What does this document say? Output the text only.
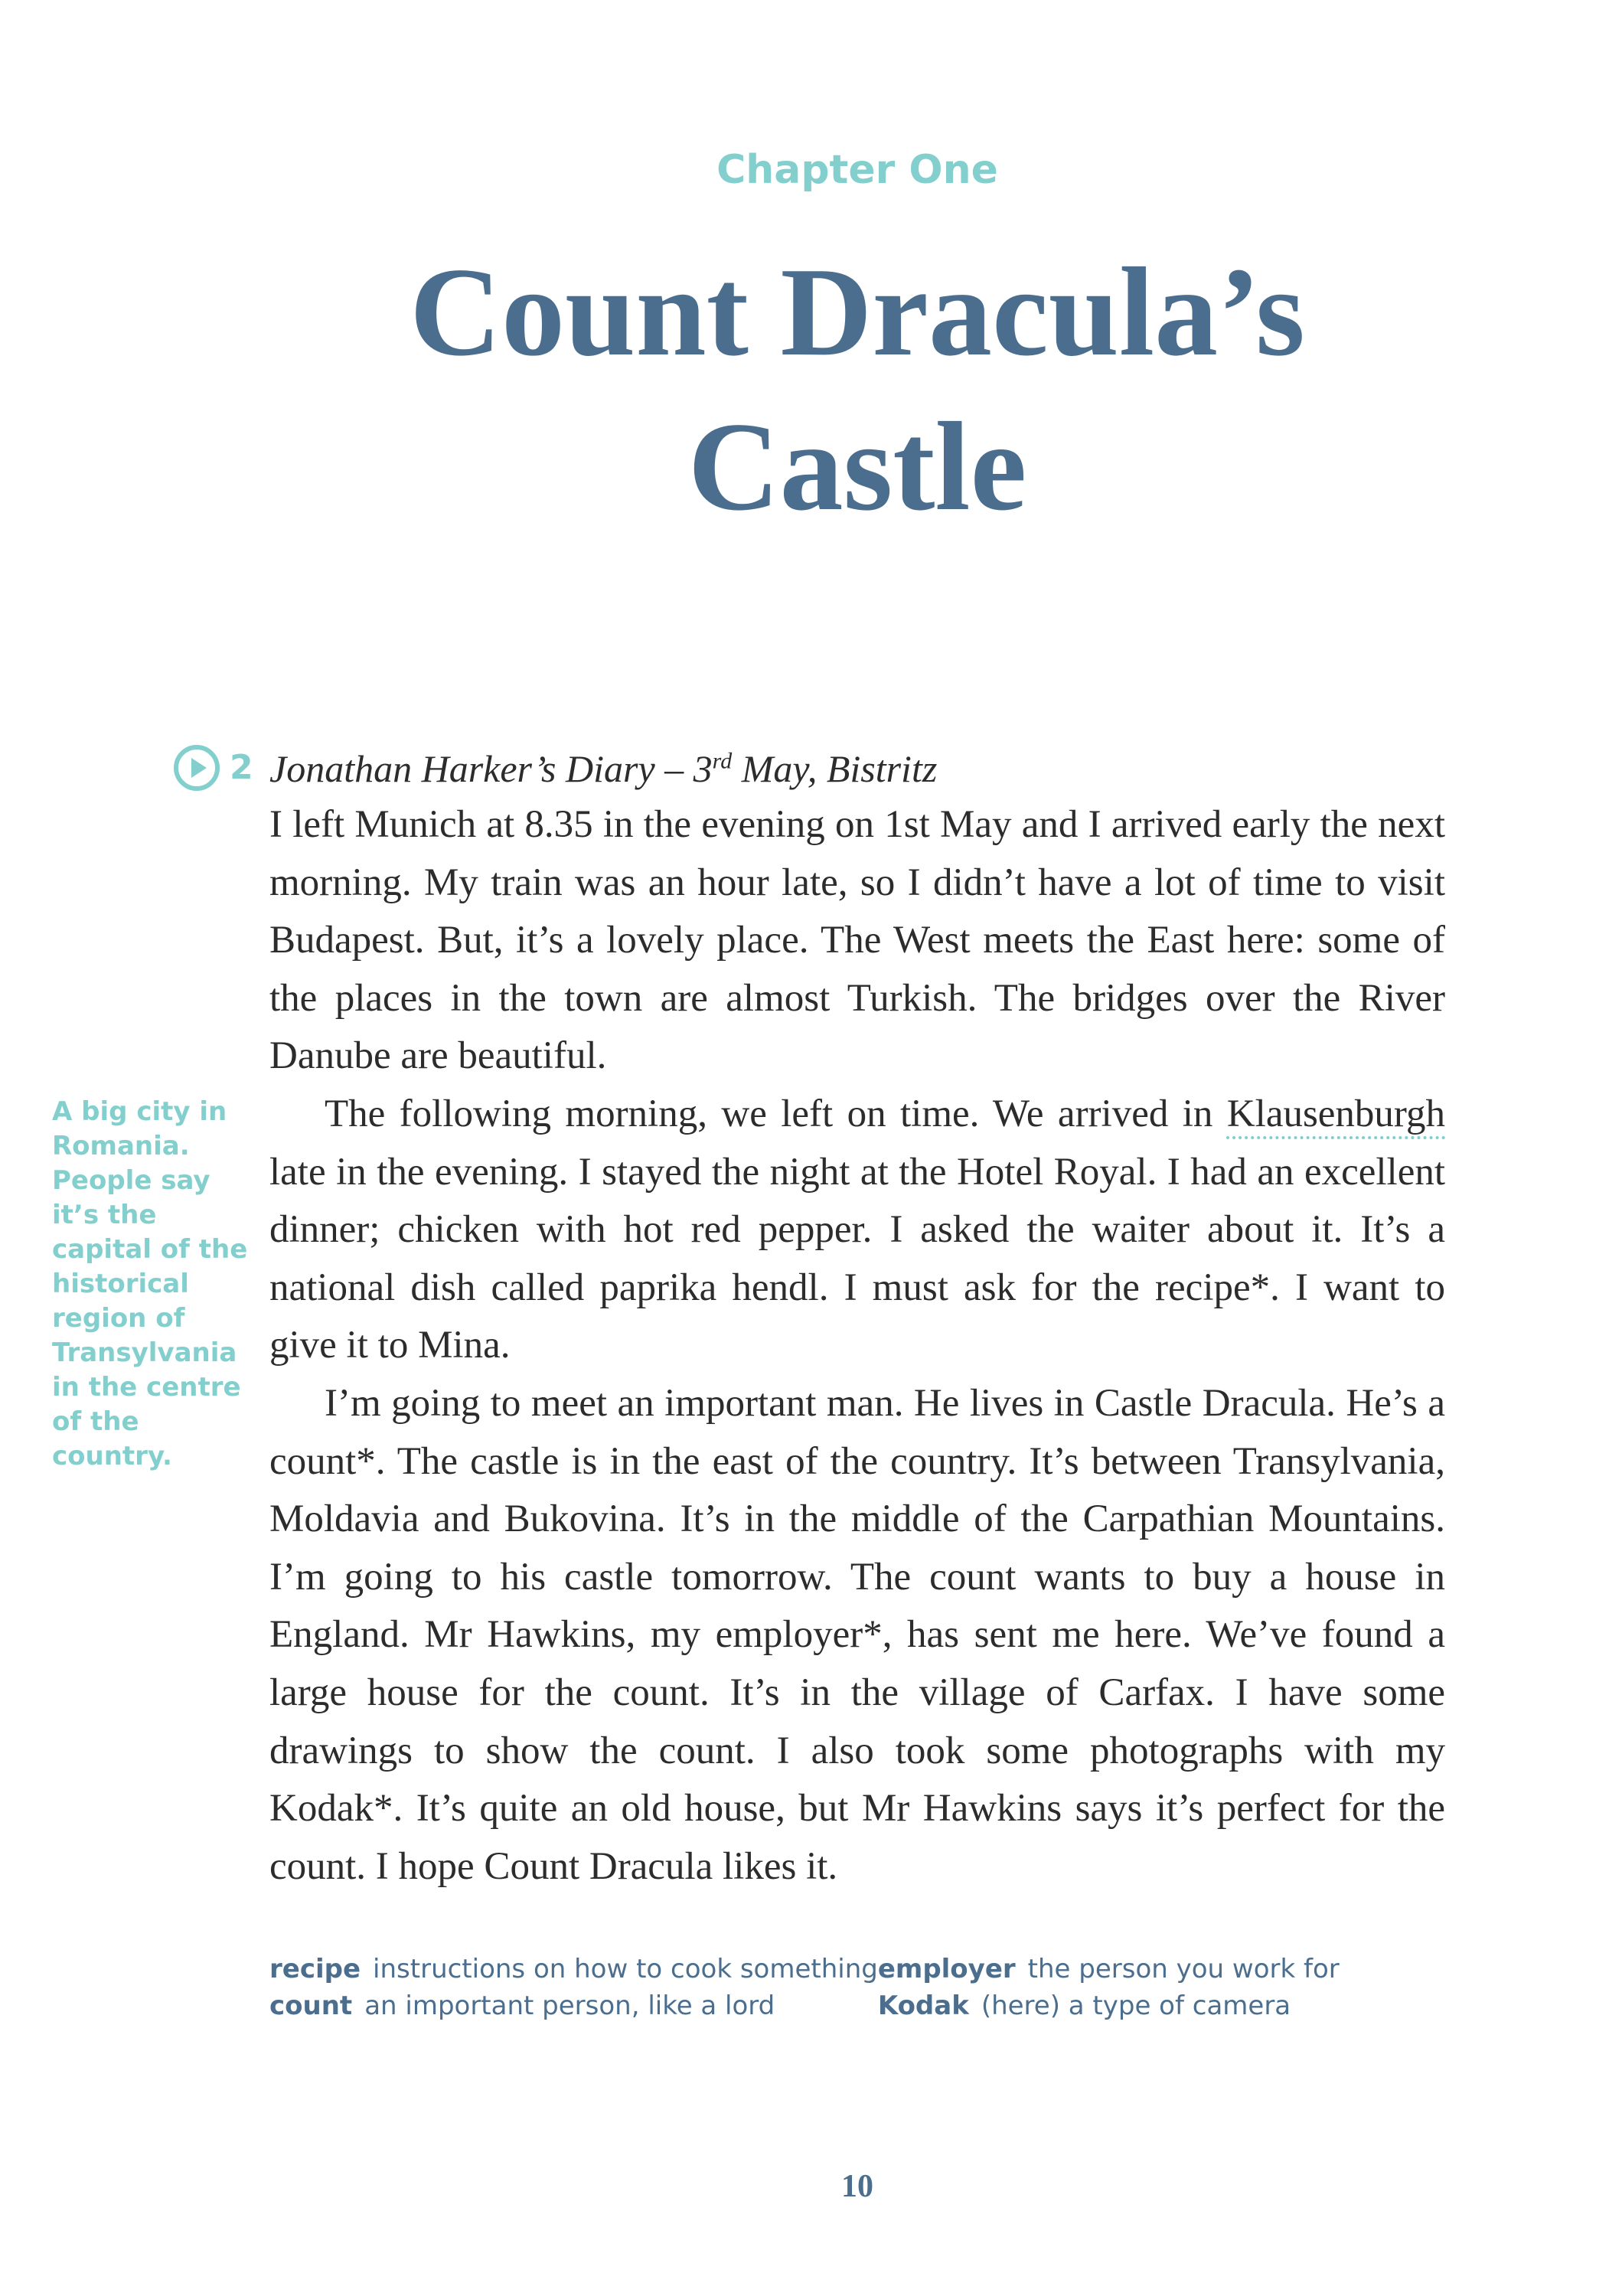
Chapter One
Count Dracula’s
Castle
2 Jonathan Harker’s Diary – 3rd May, Bistritz

I left Munich at 8.35 in the evening on 1st May and I arrived early the next morning. My train was an hour late, so I didn’t have a lot of time to visit Budapest. But, it’s a lovely place. The West meets the East here: some of the places in the town are almost Turkish. The bridges over the River Danube are beautiful.

The following morning, we left on time. We arrived in Klausenburgh late in the evening. I stayed the night at the Hotel Royal. I had an excellent dinner; chicken with hot red pepper. I asked the waiter about it. It’s a national dish called paprika hendl. I must ask for the recipe*. I want to give it to Mina.

I’m going to meet an important man. He lives in Castle Dracula. He’s a count*. The castle is in the east of the country. It’s between Transylvania, Moldavia and Bukovina. It’s in the middle of the Carpathian Mountains. I’m going to his castle tomorrow. The count wants to buy a house in England. Mr Hawkins, my employer*, has sent me here. We’ve found a large house for the count. It’s in the village of Carfax. I have some drawings to show the count. I also took some photographs with my Kodak*. It’s quite an old house, but Mr Hawkins says it’s perfect for the count. I hope Count Dracula likes it.

A big city in Romania. People say it’s the capital of the historical region of Transylvania in the centre of the country.
recipe instructions on how to cook something
count an important person, like a lord
employer the person you work for
Kodak (here) a type of camera
10
